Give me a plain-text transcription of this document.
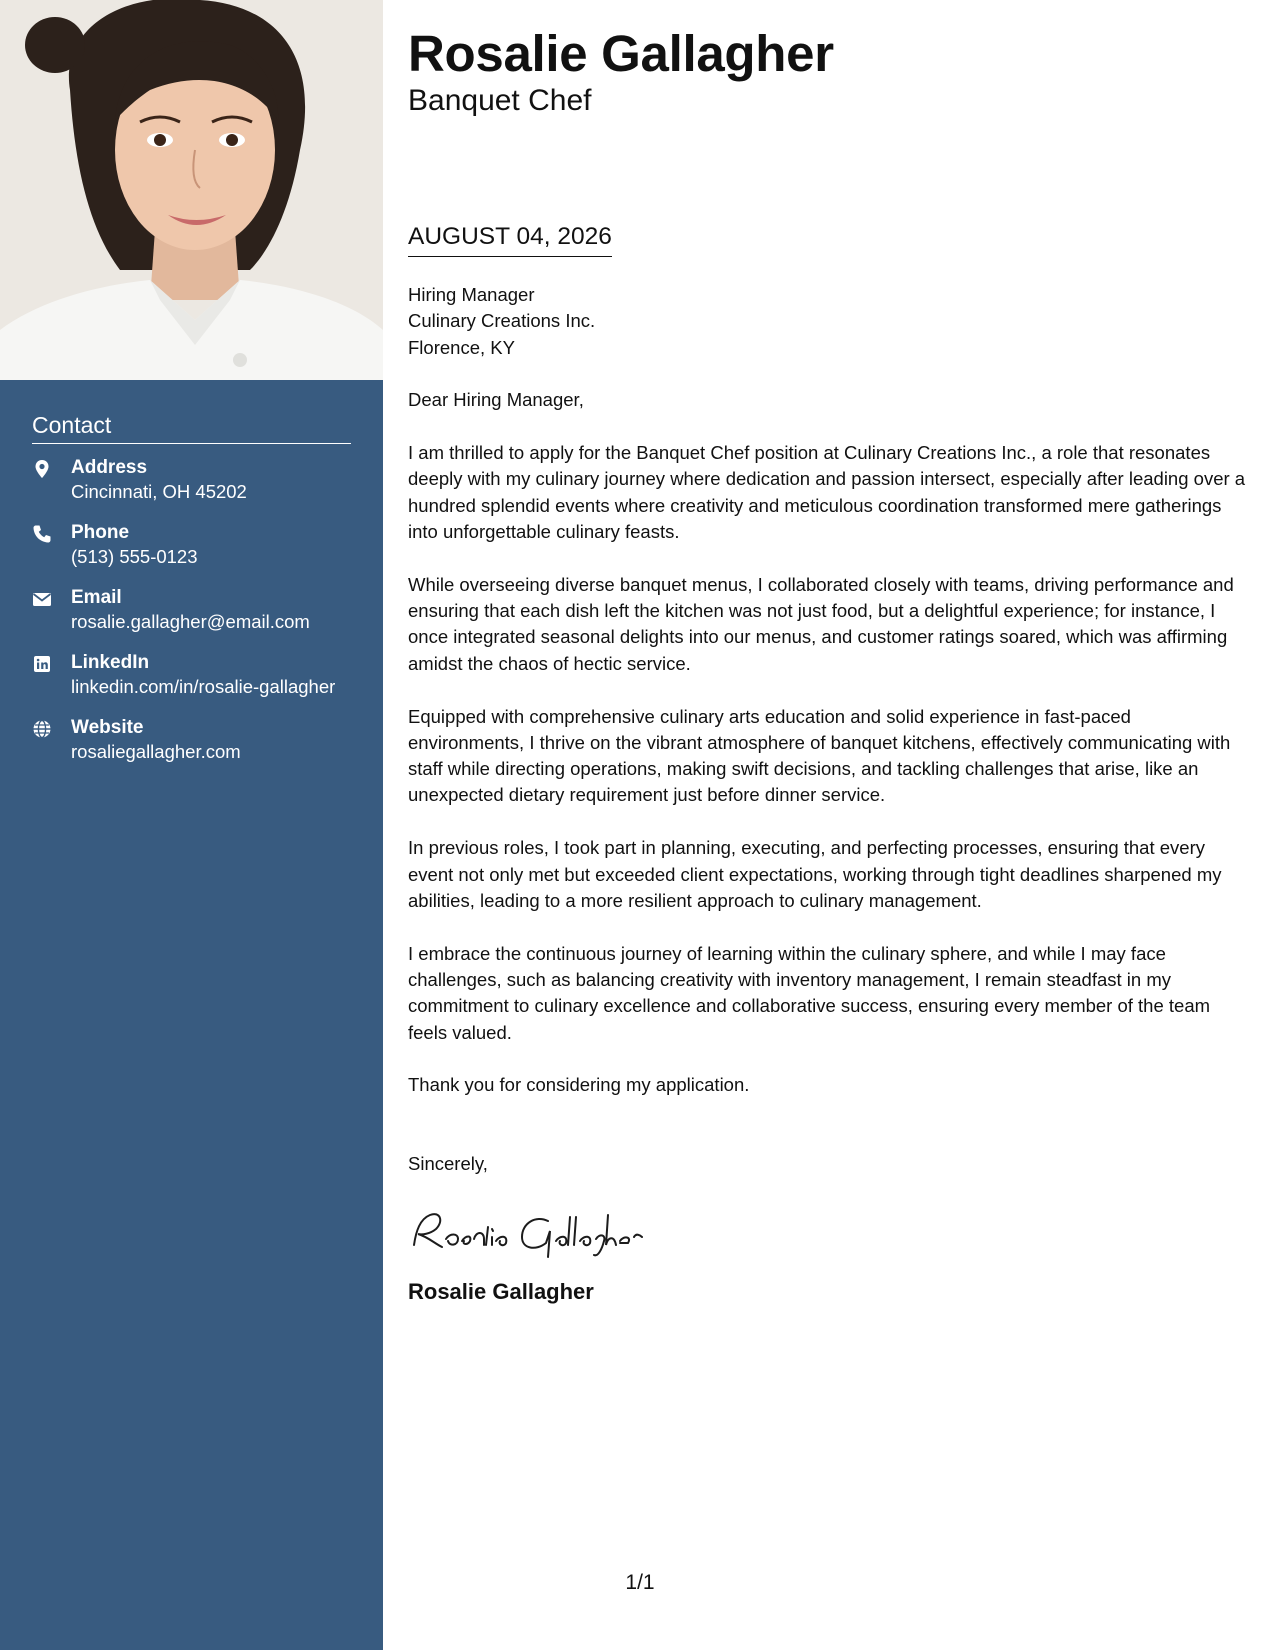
Contact
Address
Cincinnati, OH 45202
Phone
(513) 555-0123
Email
rosalie.gallagher@email.com
LinkedIn
linkedin.com/in/rosalie-gallagher
Website
rosaliegallagher.com
Rosalie Gallagher
Banquet Chef
AUGUST 04, 2026
Hiring Manager
Culinary Creations Inc.
Florence, KY

Dear Hiring Manager,

I am thrilled to apply for the Banquet Chef position at Culinary Creations Inc., a role that resonates deeply with my culinary journey where dedication and passion intersect, especially after leading over a hundred splendid events where creativity and meticulous coordination transformed mere gatherings into unforgettable culinary feasts.

While overseeing diverse banquet menus, I collaborated closely with teams, driving performance and ensuring that each dish left the kitchen was not just food, but a delightful experience; for instance, I once integrated seasonal delights into our menus, and customer ratings soared, which was affirming amidst the chaos of hectic service.

Equipped with comprehensive culinary arts education and solid experience in fast-paced environments, I thrive on the vibrant atmosphere of banquet kitchens, effectively communicating with staff while directing operations, making swift decisions, and tackling challenges that arise, like an unexpected dietary requirement just before dinner service.

In previous roles, I took part in planning, executing, and perfecting processes, ensuring that every event not only met but exceeded client expectations, working through tight deadlines sharpened my abilities, leading to a more resilient approach to culinary management.

I embrace the continuous journey of learning within the culinary sphere, and while I may face challenges, such as balancing creativity with inventory management, I remain steadfast in my commitment to culinary excellence and collaborative success, ensuring every member of the team feels valued.

Thank you for considering my application.

Sincerely,
Rosalie Gallagher
1/1
